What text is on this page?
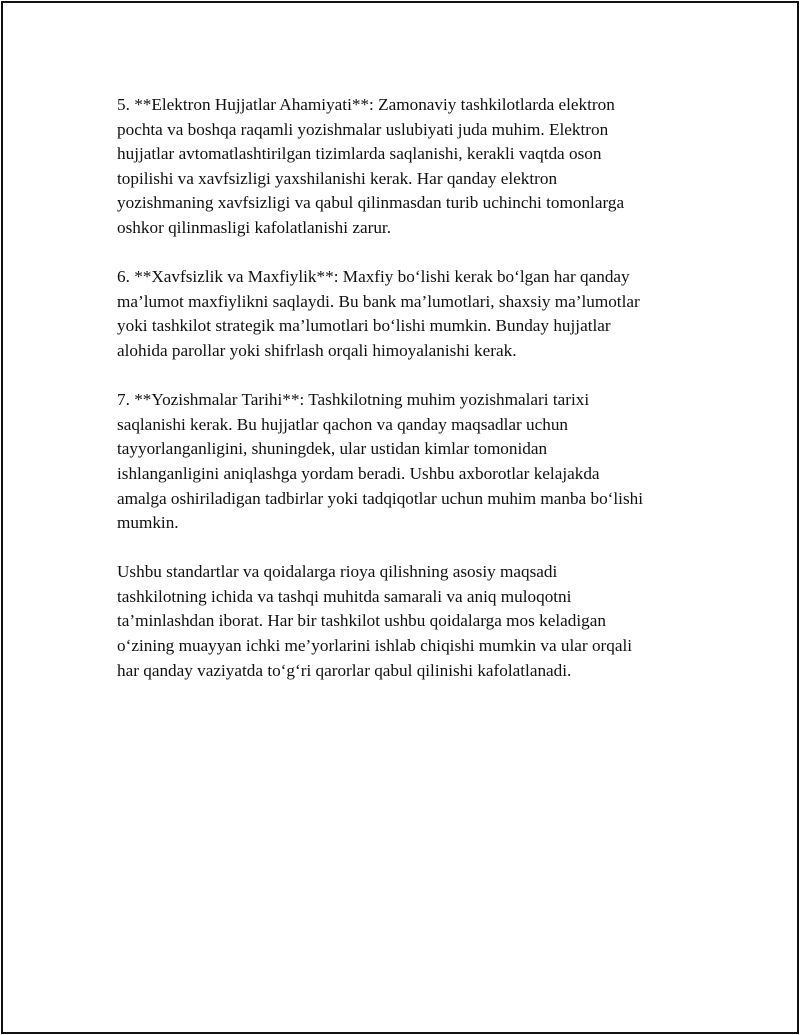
5. **Elektron Hujjatlar Ahamiyati**: Zamonaviy tashkilotlarda elektron
pochta va boshqa raqamli yozishmalar uslubiyati juda muhim. Elektron
hujjatlar avtomatlashtirilgan tizimlarda saqlanishi, kerakli vaqtda oson
topilishi va xavfsizligi yaxshilanishi kerak. Har qanday elektron
yozishmaning xavfsizligi va qabul qilinmasdan turib uchinchi tomonlarga
oshkor qilinmasligi kafolatlanishi zarur.
6. **Xavfsizlik va Maxfiylik**: Maxfiy bo‘lishi kerak bo‘lgan har qanday
ma’lumot maxfiylikni saqlaydi. Bu bank ma’lumotlari, shaxsiy ma’lumotlar
yoki tashkilot strategik ma’lumotlari bo‘lishi mumkin. Bunday hujjatlar
alohida parollar yoki shifrlash orqali himoyalanishi kerak.
7. **Yozishmalar Tarihi**: Tashkilotning muhim yozishmalari tarixi
saqlanishi kerak. Bu hujjatlar qachon va qanday maqsadlar uchun
tayyorlanganligini, shuningdek, ular ustidan kimlar tomonidan
ishlanganligini aniqlashga yordam beradi. Ushbu axborotlar kelajakda
amalga oshiriladigan tadbirlar yoki tadqiqotlar uchun muhim manba bo‘lishi
mumkin.
Ushbu standartlar va qoidalarga rioya qilishning asosiy maqsadi
tashkilotning ichida va tashqi muhitda samarali va aniq muloqotni
ta’minlashdan iborat. Har bir tashkilot ushbu qoidalarga mos keladigan
o‘zining muayyan ichki me’yorlarini ishlab chiqishi mumkin va ular orqali
har qanday vaziyatda to‘g‘ri qarorlar qabul qilinishi kafolatlanadi.
